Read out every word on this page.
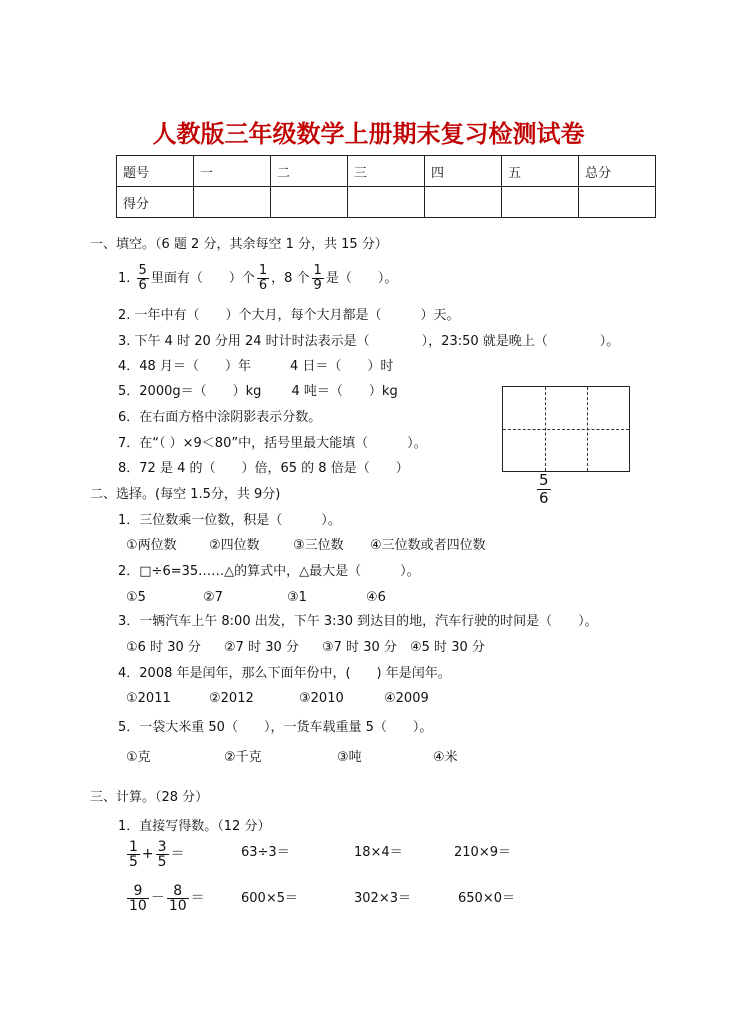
人教版三年级数学上册期末复习检测试卷
题号	一	二	三	四	五	总分
得分						
一、填空。（6 题 2 分，其余每空 1 分，共 15 分）
1. $\frac{5}{6}$ 里面有（　　）个 $\frac{1}{6}$ ，8 个 $\frac{1}{9}$ 是（　　）。
2. 一年中有（　　）个大月，每个大月都是（　　　）天。
3. 下午 4 时 20 分用 24 时计时法表示是（　　　　），23:50 就是晚上（　　　　）。
4．48 月＝（　　）年　　　4 日＝（　　）时
5．2000g＝（　　）kg　　 4 吨＝（　　）kg
6．在右面方格中涂阴影表示分数。
7．在“（ ）×9＜80”中，括号里最大能填（　　　）。
8．72 是 4 的（　　）倍，65 的 8 倍是（　　）
$\frac{5}{6}$
二、选择。(每空 1.5分，共 9分)
1．三位数乘一位数，积是（　　　）。
①两位数 ②四位数	③三位数 ④三位数或者四位数
2．□÷6=35……△的算式中，△最大是（　　　）。
①5	②7	③1	④6
3．一辆汽车上午 8:00 出发，下午 3:30 到达目的地，汽车行驶的时间是（　　）。
①6 时 30 分 ②7 时 30 分 ③7 时 30 分 ④5 时 30 分
4．2008 年是闰年，那么下面年份中，(　　) 年是闰年。
①2011	②2012	③2010	④2009
5．一袋大米重 50（　　），一货车载重量 5（　　）。
①克	②千克	③吨	④米
三、计算。（28 分）
1．直接写得数。（12 分）
$\frac{1}{5} + \frac{3}{5}$ ＝	63÷3＝	18×4＝	210×9＝
$\frac{9}{10} - \frac{8}{10}$ ＝	600×5＝	302×3＝	650×0＝
